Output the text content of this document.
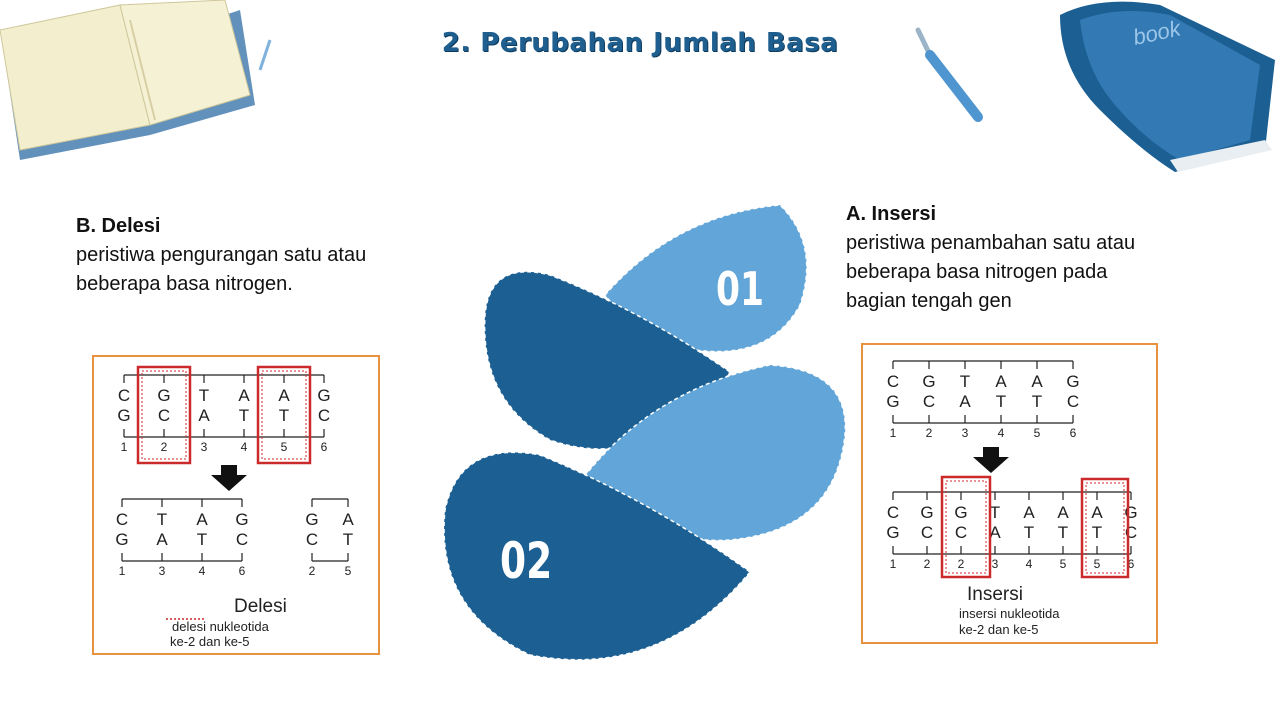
book
2. Perubahan Jumlah Basa
B. Delesi
peristiwa pengurangan satu atau
beberapa basa nitrogen.
A. Insersi
peristiwa penambahan satu atau
beberapa basa nitrogen pada
bagian tengah gen
01
02
C
G
1
G
C
2
T
A
3
A
T
4
A
T
5
G
C
6
C
G
1
T
A
3
A
T
4
G
C
6
G
C
2
A
T
5
Delesi
delesi nukleotida
ke-2 dan ke-5
C
G
1
G
C
2
T
A
3
A
T
4
A
T
5
G
C
6
C
G
1
G
C
2
G
C
2
T
A
3
A
T
4
A
T
5
A
T
5
G
C
6
Insersi
insersi nukleotida
ke-2 dan ke-5
